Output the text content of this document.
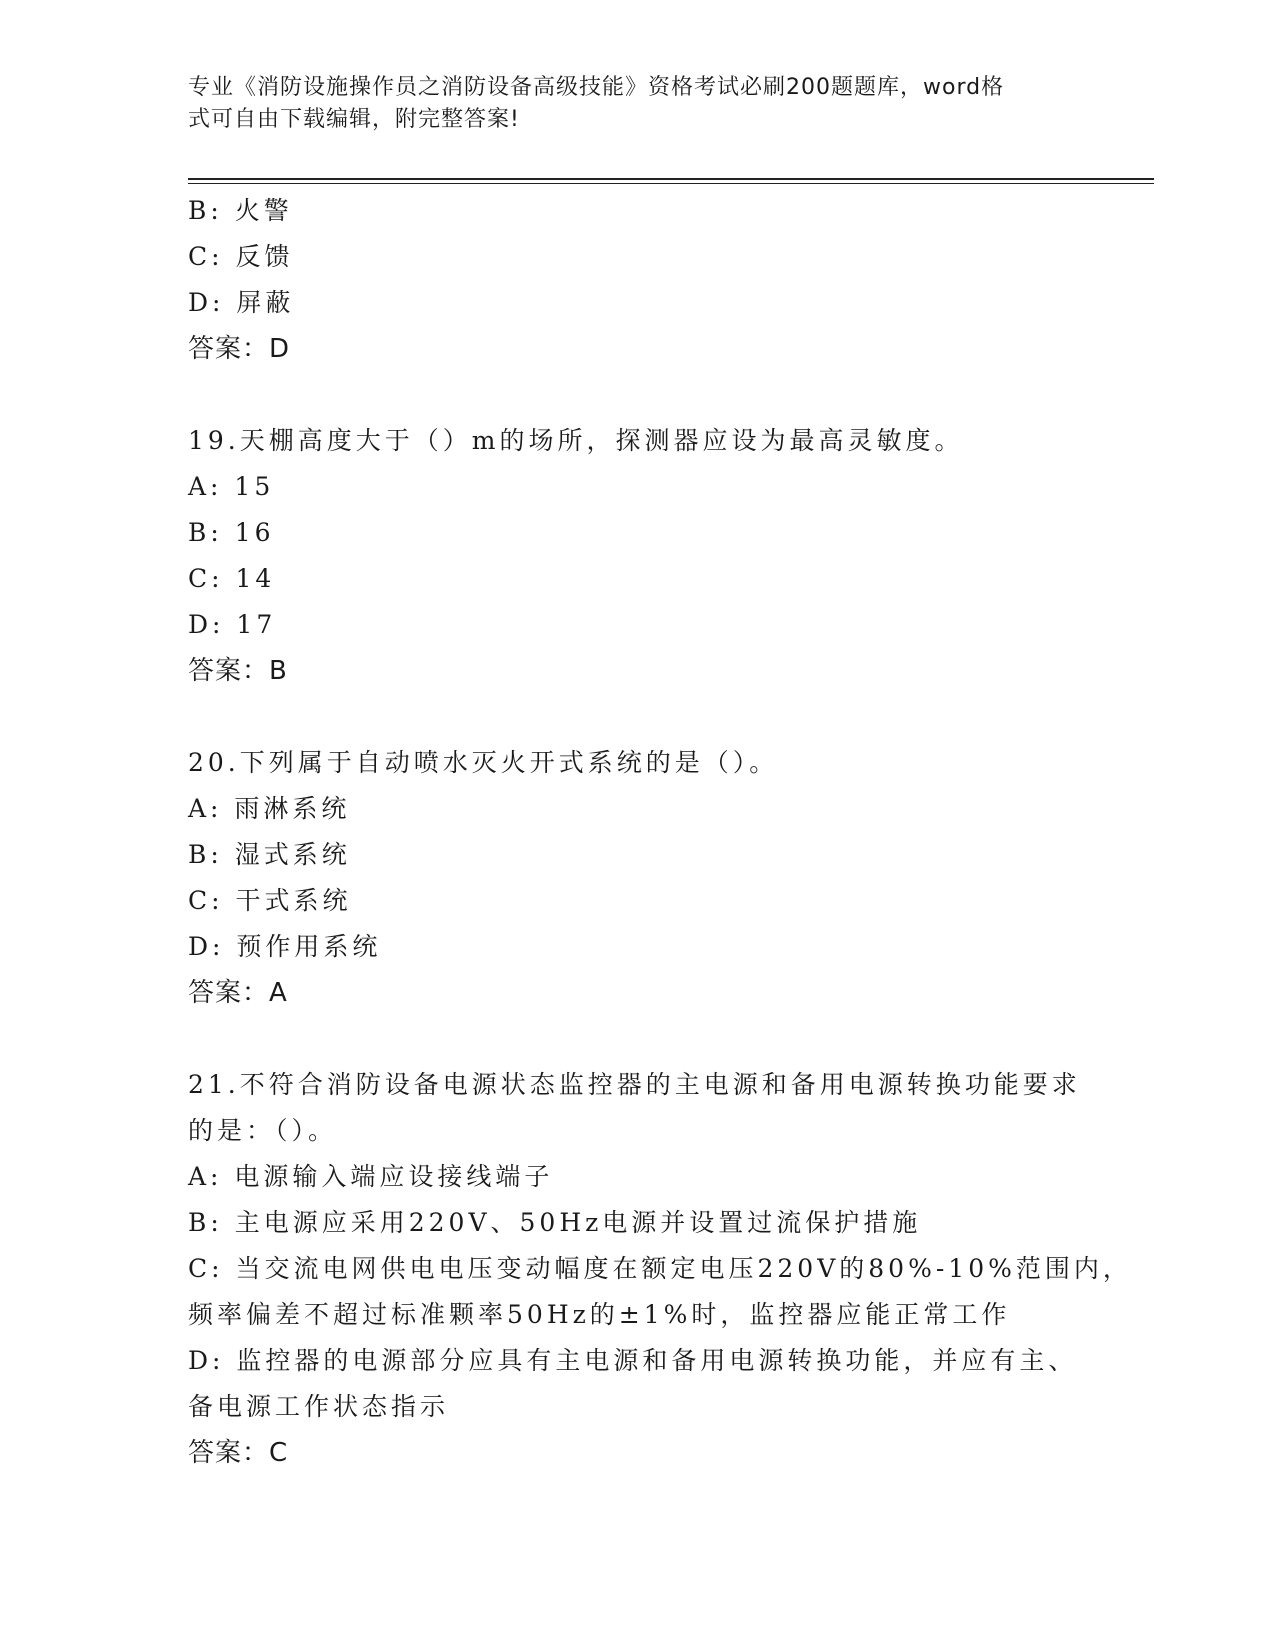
专业《消防设施操作员之消防设备高级技能》资格考试必刷200题题库，word格
式可自由下载编辑，附完整答案!
B: 火警
C: 反馈
D: 屏蔽
答案：D
19.天棚高度大于（）m的场所，探测器应设为最高灵敏度。
A: 15
B: 16
C: 14
D: 17
答案：B
20.下列属于自动喷水灭火开式系统的是（）。
A: 雨淋系统
B: 湿式系统
C: 干式系统
D: 预作用系统
答案：A
21.不符合消防设备电源状态监控器的主电源和备用电源转换功能要求
的是：（）。
A: 电源输入端应设接线端子
B: 主电源应采用220V、50Hz电源并设置过流保护措施
C: 当交流电网供电电压变动幅度在额定电压220V的80%-10%范围内，
频率偏差不超过标准颗率50Hz的±1%时，监控器应能正常工作
D: 监控器的电源部分应具有主电源和备用电源转换功能，并应有主、
备电源工作状态指示
答案：C
